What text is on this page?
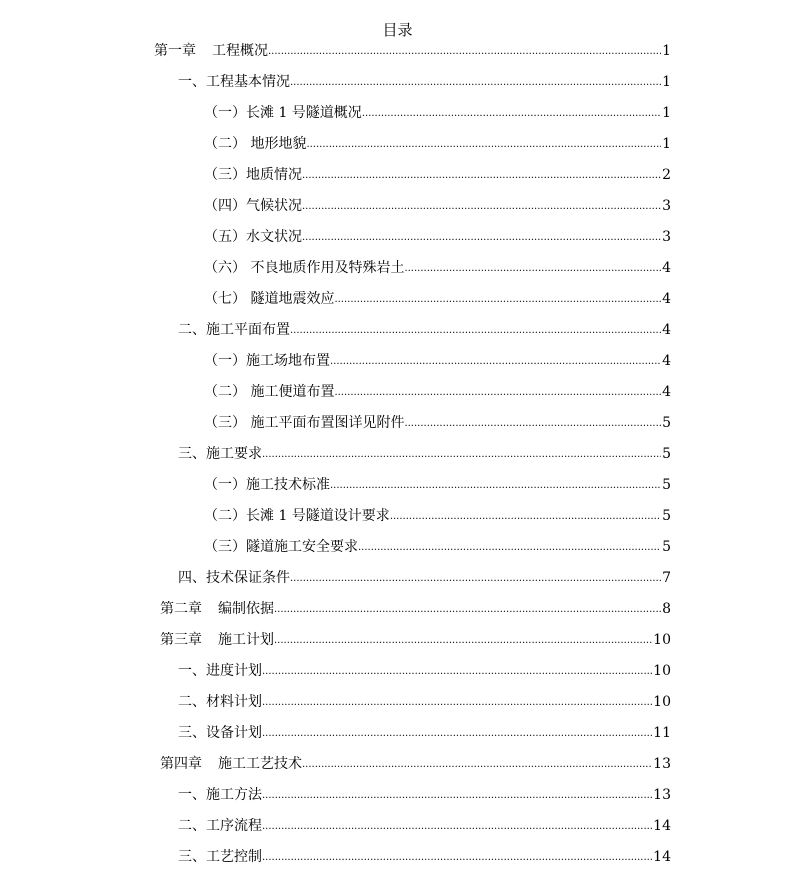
目录
第一章 工程概况 .....	1
一、工程基本情况 .....	1
（一）长滩 1 号隧道概况 .....	1
（二） 地形地貌 .....	1
（三）地质情况 .....	2
（四）气候状况 .....	3
（五）水文状况 .....	3
（六） 不良地质作用及特殊岩土 .....	4
（七） 隧道地震效应 .....	4
二、施工平面布置 .....	4
（一）施工场地布置 .....	4
（二） 施工便道布置 .....	4
（三） 施工平面布置图详见附件 .....	5
三、施工要求 .....	5
（一）施工技术标准 .....	5
（二）长滩 1 号隧道设计要求 .....	5
（三）隧道施工安全要求 .....	5
四、技术保证条件 .....	7
第二章 编制依据 .....	8
第三章 施工计划 .....	10
一、进度计划 .....	10
二、材料计划 .....	10
三、设备计划 .....	11
第四章 施工工艺技术 .....	13
一、施工方法 .....	13
二、工序流程 .....	14
三、工艺控制 .....	14
